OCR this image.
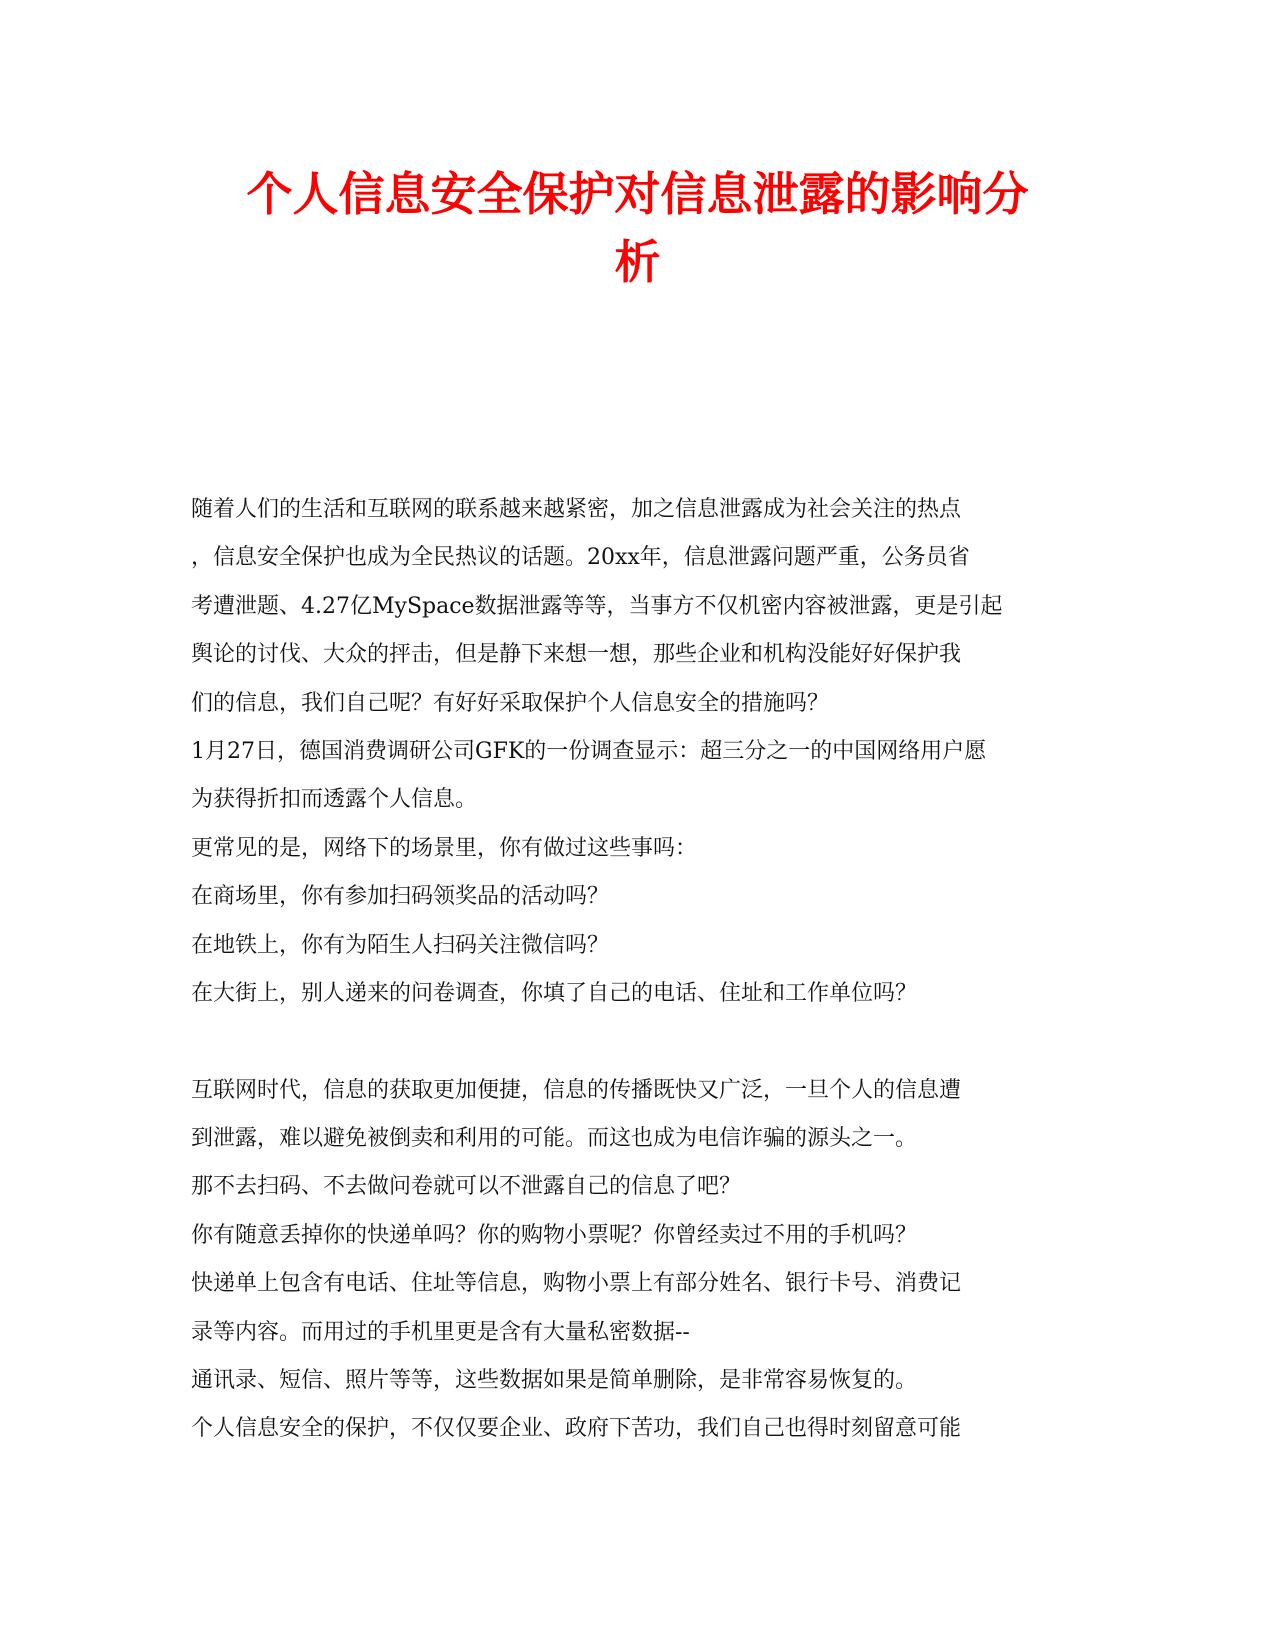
个人信息安全保护对信息泄露的影响分
析
随着人们的生活和互联网的联系越来越紧密，加之信息泄露成为社会关注的热点
，信息安全保护也成为全民热议的话题。20xx年，信息泄露问题严重，公务员省
考遭泄题、4.27亿MySpace数据泄露等等，当事方不仅机密内容被泄露，更是引起
舆论的讨伐、大众的抨击，但是静下来想一想，那些企业和机构没能好好保护我
们的信息，我们自己呢？有好好采取保护个人信息安全的措施吗？
1月27日，德国消费调研公司GFK的一份调查显示：超三分之一的中国网络用户愿
为获得折扣而透露个人信息。
更常见的是，网络下的场景里，你有做过这些事吗：
在商场里，你有参加扫码领奖品的活动吗？
在地铁上，你有为陌生人扫码关注微信吗？
在大街上，别人递来的问卷调查，你填了自己的电话、住址和工作单位吗？
互联网时代，信息的获取更加便捷，信息的传播既快又广泛，一旦个人的信息遭
到泄露，难以避免被倒卖和利用的可能。而这也成为电信诈骗的源头之一。
那不去扫码、不去做问卷就可以不泄露自己的信息了吧？
你有随意丢掉你的快递单吗？你的购物小票呢？你曾经卖过不用的手机吗？
快递单上包含有电话、住址等信息，购物小票上有部分姓名、银行卡号、消费记
录等内容。而用过的手机里更是含有大量私密数据--
通讯录、短信、照片等等，这些数据如果是简单删除，是非常容易恢复的。
个人信息安全的保护，不仅仅要企业、政府下苦功，我们自己也得时刻留意可能
